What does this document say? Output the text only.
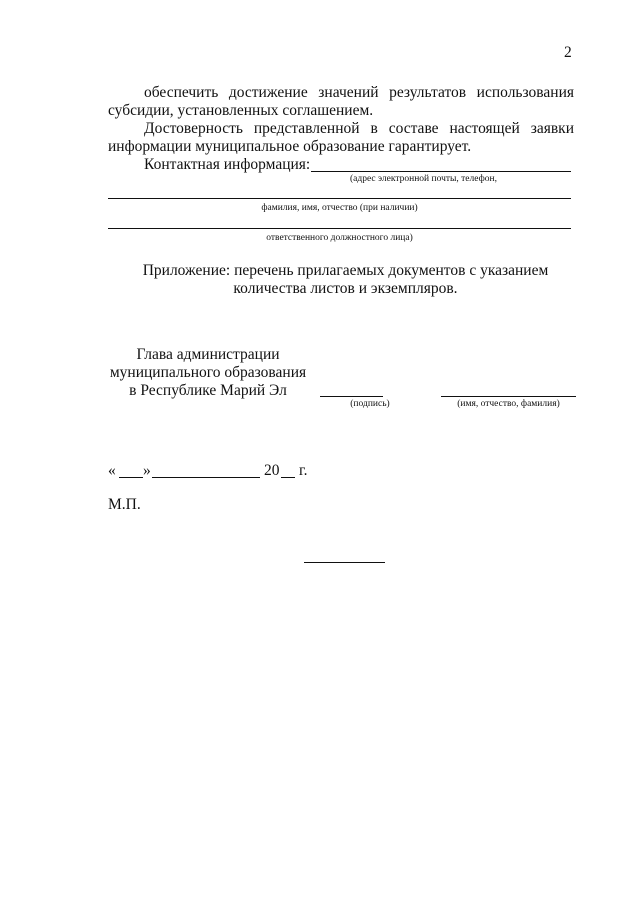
2
обеспечить достижение значений результатов использования
субсидии, установленных соглашением.
Достоверность представленной в составе настоящей заявки
информации муниципальное образование гарантирует.
Контактная информация:
(адрес электронной почты, телефон,
фамилия, имя, отчество (при наличии)
ответственного должностного лица)
Приложение: перечень прилагаемых документов с указанием
количества листов и экземпляров.
Глава администрации
муниципального образования
в Республике Марий Эл
(подпись)	(имя, отчество, фамилия)
« »	20 г.
М.П.
